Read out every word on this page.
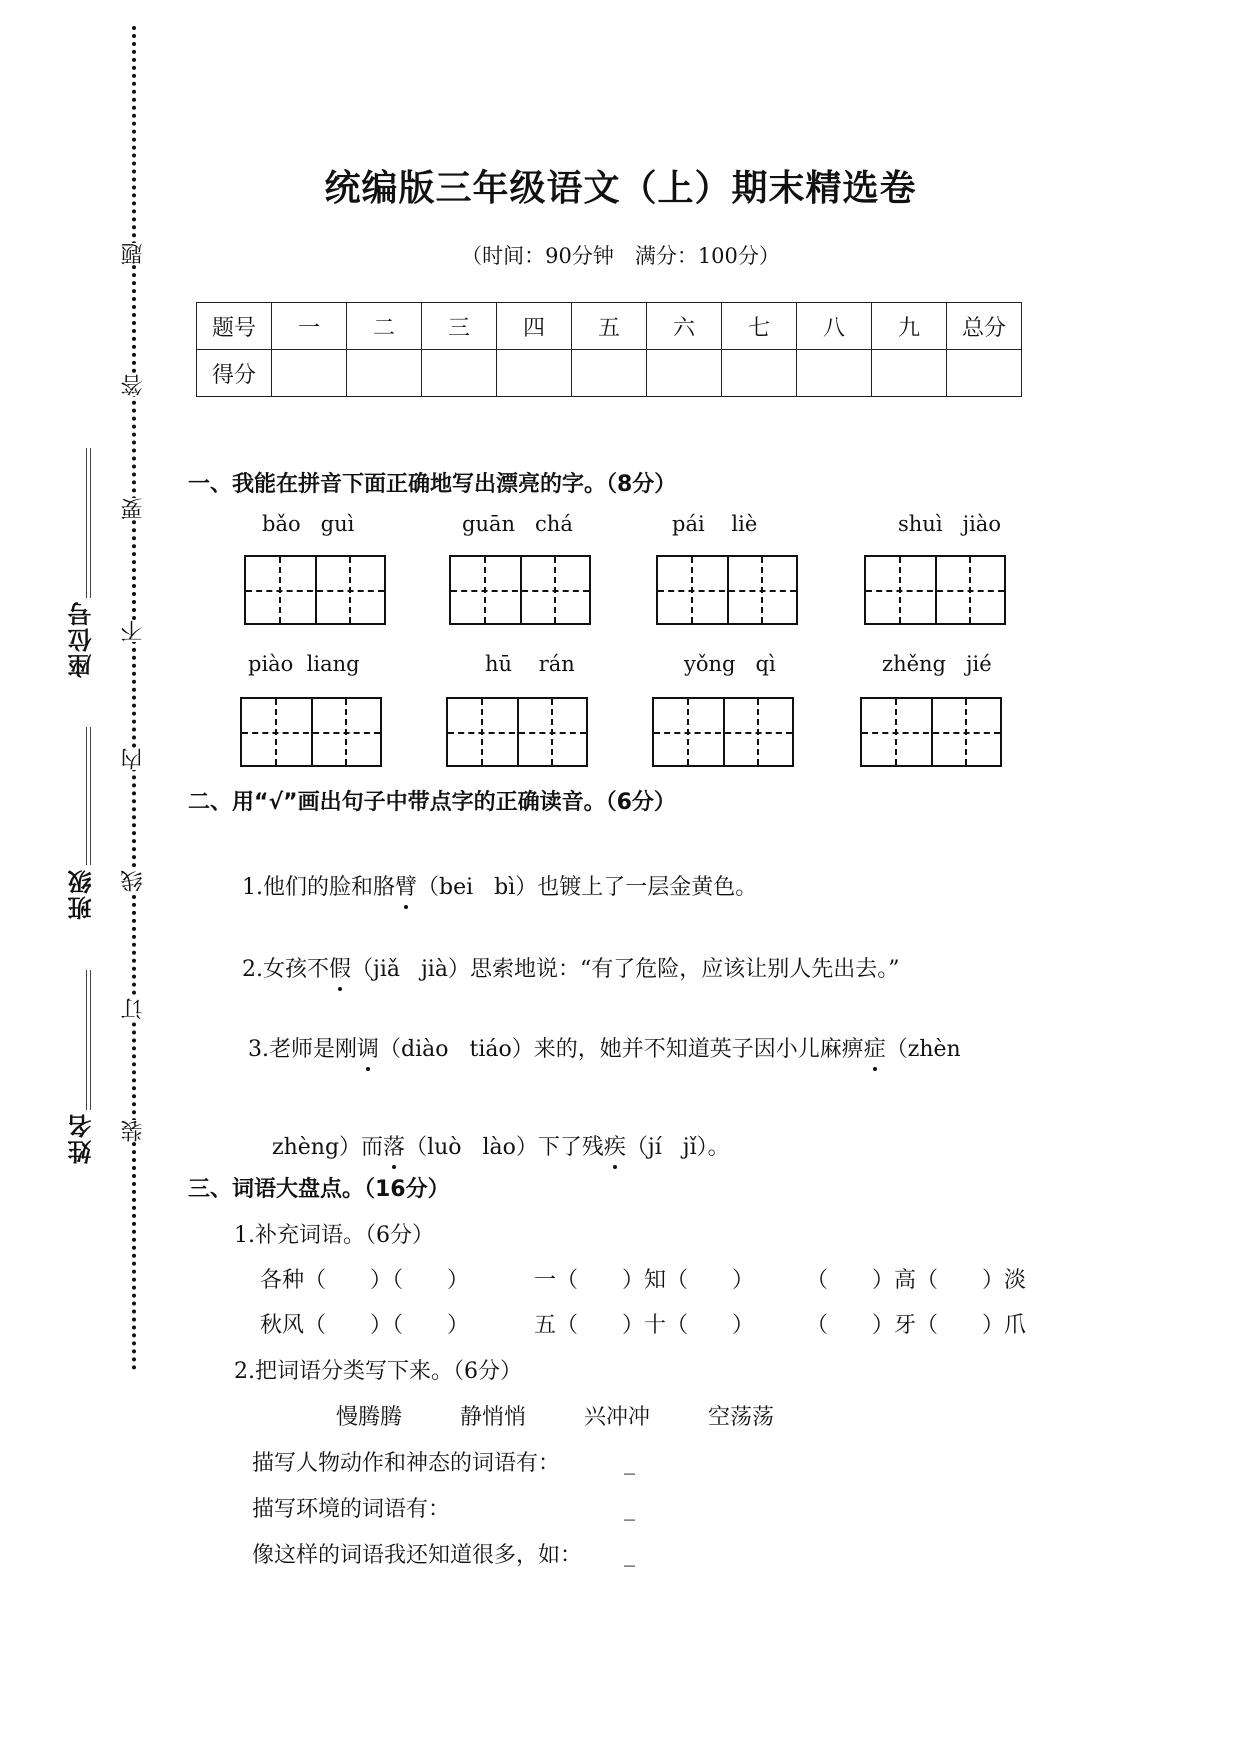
题
答
要
不
内
线
订
装
座位号
班级
姓名
统编版三年级语文（上）期末精选卷
（时间：90分钟　满分：100分）
题号	一	二	三	四	五	六	七	八	九	总分
得分										
一、我能在拼音下面正确地写出漂亮的字。（8分）
bǎo   guì	guān   chá	pái    liè	shuì   jiào
piào  liang	hū    rán	yǒng   qì	zhěng   jié
二、用“√”画出句子中带点字的正确读音。（6分）

1.他们的脸和胳臂（bei   bì）也镀上了一层金黄色。

2.女孩不假（jiǎ   jià）思索地说：“有了危险，应该让别人先出去。”

3.老师是刚调（diào   tiáo）来的，她并不知道英子因小儿麻痹症（zhèn

zhèng）而落（luò   lào）下了残疾（jí   jǐ）。

三、词语大盘点。（16分）
1.补充词语。（6分）
各种（　　）（　　）	一（　　）知（　　） （　　）高（　　）淡
秋风（　　）（　　）	五（　　）十（　　） （　　）牙（　　）爪
2.把词语分类写下来。（6分）
慢腾腾	静悄悄	兴冲冲	空荡荡
描写人物动作和神态的词语有：	_
描写环境的词语有：	_
像这样的词语我还知道很多，如： _
